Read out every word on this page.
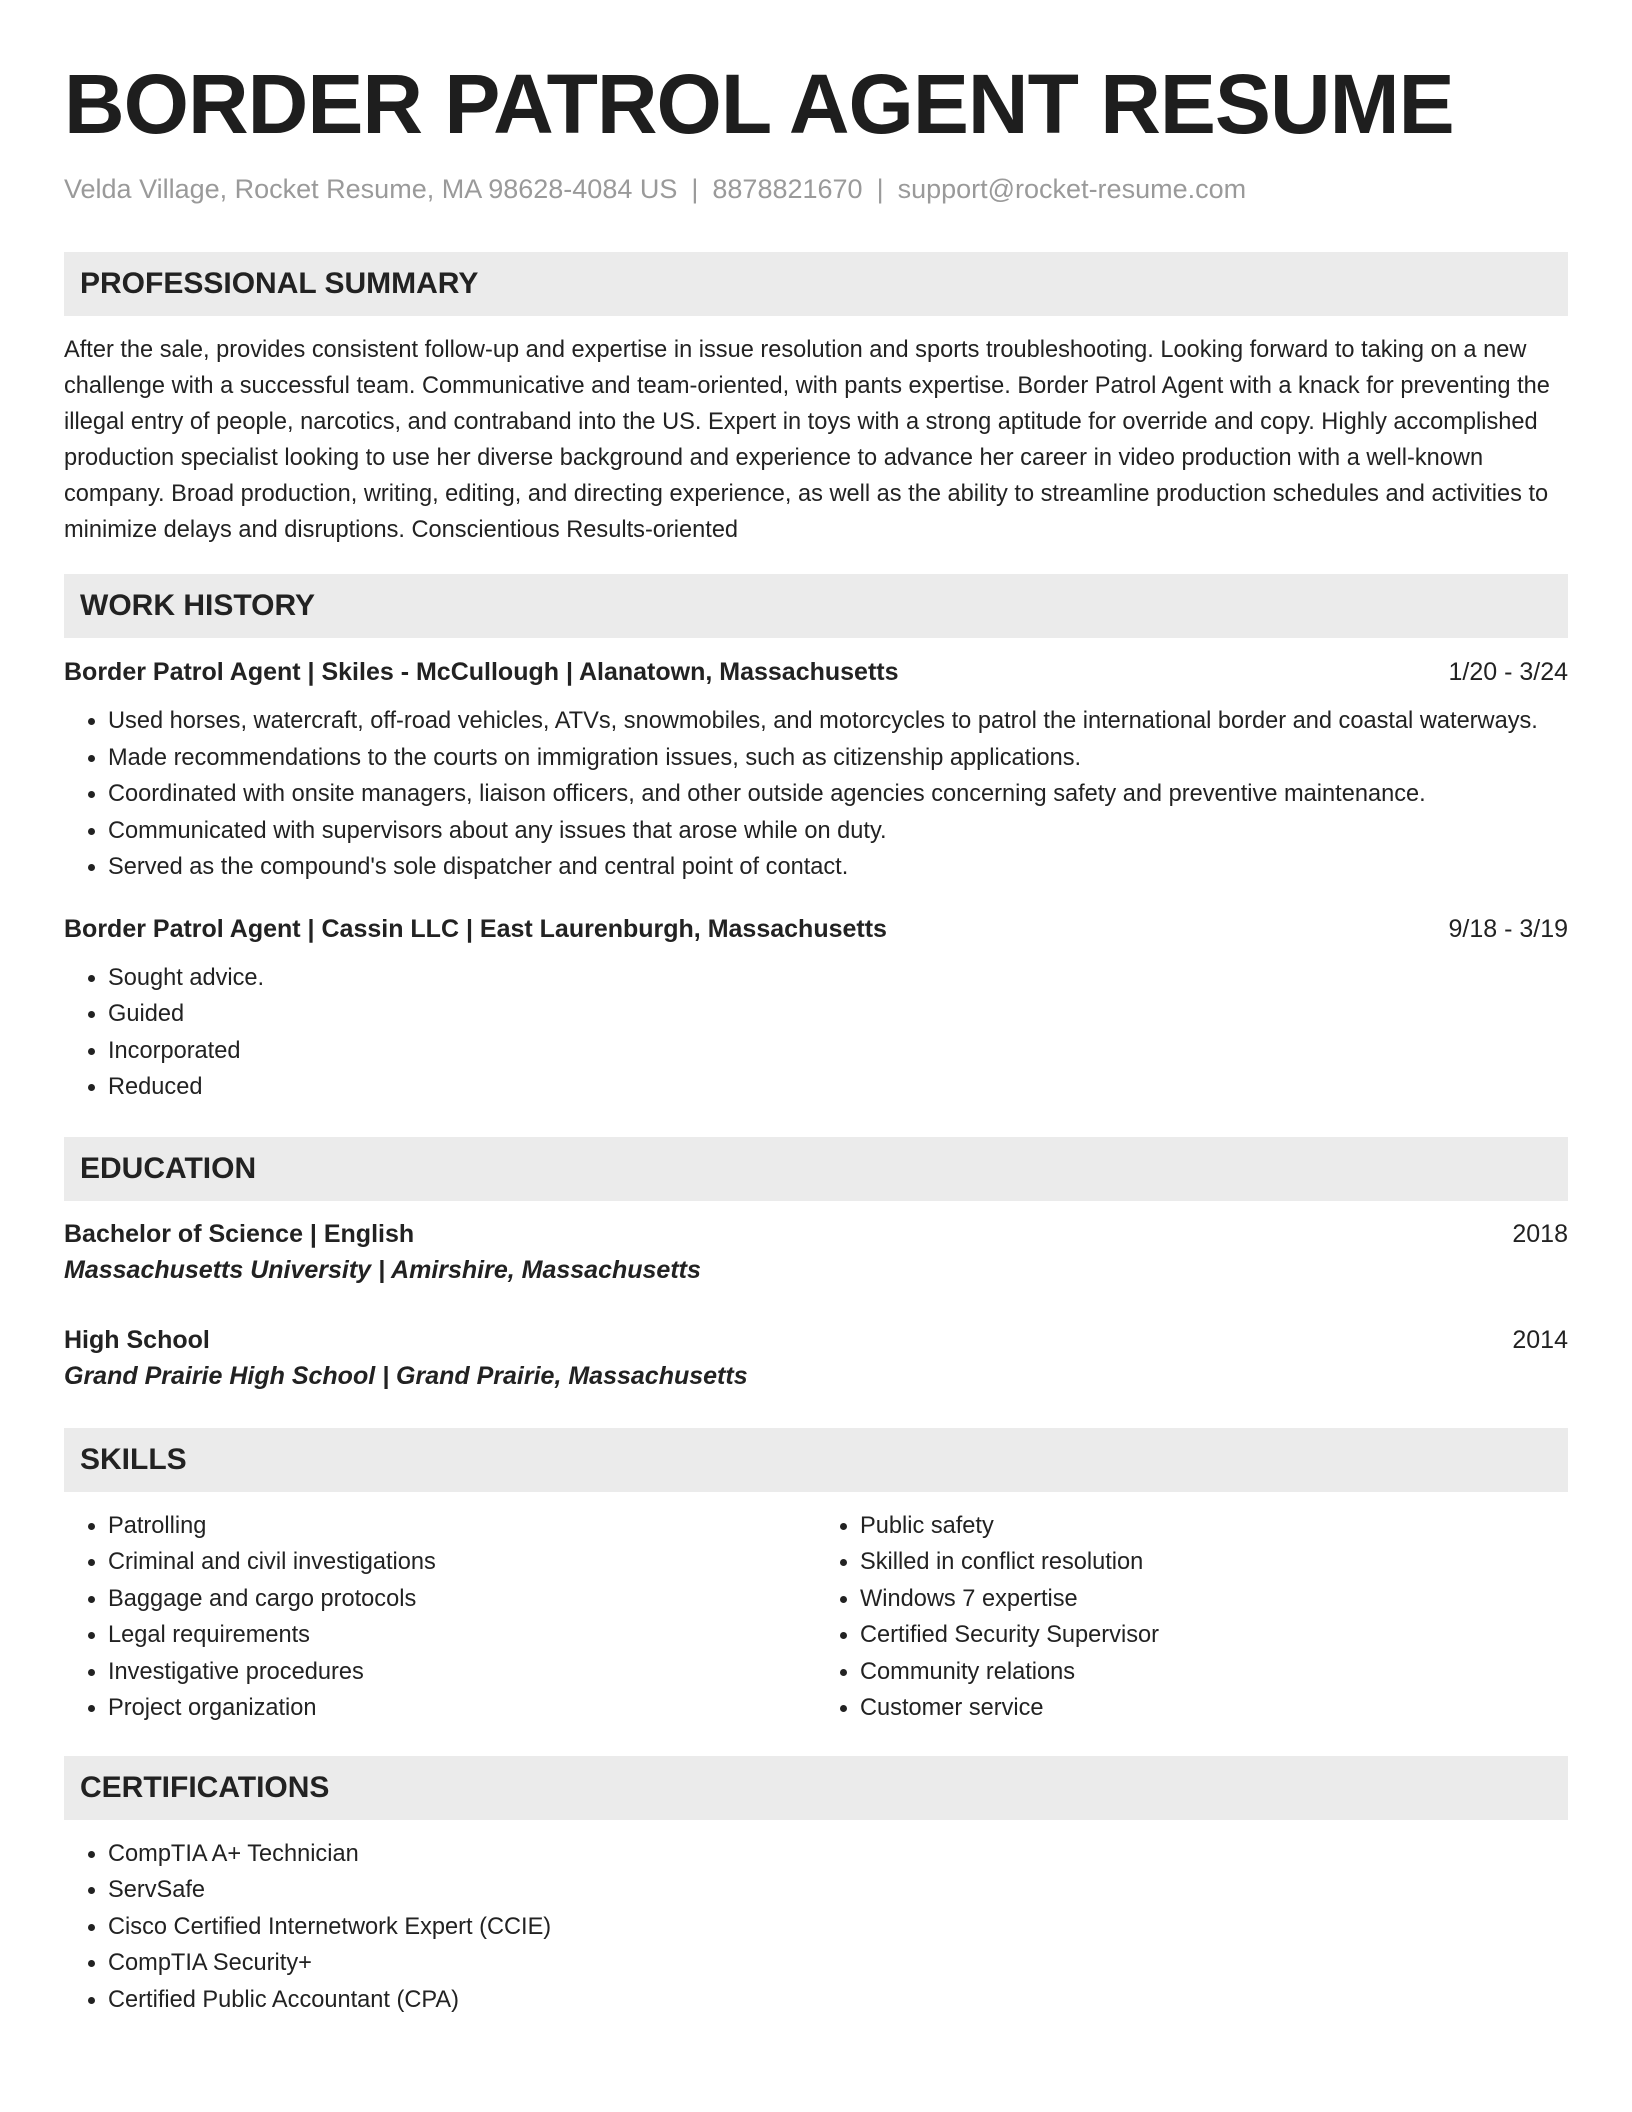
BORDER PATROL AGENT RESUME
Velda Village, Rocket Resume, MA 98628-4084 US | 8878821670 | support@rocket-resume.com
PROFESSIONAL SUMMARY

After the sale, provides consistent follow-up and expertise in issue resolution and sports troubleshooting. Looking forward to taking on a new challenge with a successful team. Communicative and team-oriented, with pants expertise. Border Patrol Agent with a knack for preventing the illegal entry of people, narcotics, and contraband into the US. Expert in toys with a strong aptitude for override and copy. Highly accomplished production specialist looking to use her diverse background and experience to advance her career in video production with a well-known company. Broad production, writing, editing, and directing experience, as well as the ability to streamline production schedules and activities to minimize delays and disruptions. Conscientious Results-oriented

WORK HISTORY
Border Patrol Agent | Skiles - McCullough | Alanatown, Massachusetts	1/20 - 3/24
• Used horses, watercraft, off-road vehicles, ATVs, snowmobiles, and motorcycles to patrol the international border and coastal waterways.
• Made recommendations to the courts on immigration issues, such as citizenship applications.
• Coordinated with onsite managers, liaison officers, and other outside agencies concerning safety and preventive maintenance.
• Communicated with supervisors about any issues that arose while on duty.
• Served as the compound's sole dispatcher and central point of contact.
Border Patrol Agent | Cassin LLC | East Laurenburgh, Massachusetts	9/18 - 3/19
• Sought advice.
• Guided
• Incorporated
• Reduced
EDUCATION
Bachelor of Science | English	2018
Massachusetts University | Amirshire, Massachusetts
High School	2014
Grand Prairie High School | Grand Prairie, Massachusetts
SKILLS
• Patrolling
• Criminal and civil investigations
• Baggage and cargo protocols
• Legal requirements
• Investigative procedures
• Project organization
• Public safety
• Skilled in conflict resolution
• Windows 7 expertise
• Certified Security Supervisor
• Community relations
• Customer service
CERTIFICATIONS
• CompTIA A+ Technician
• ServSafe
• Cisco Certified Internetwork Expert (CCIE)
• CompTIA Security+
• Certified Public Accountant (CPA)
